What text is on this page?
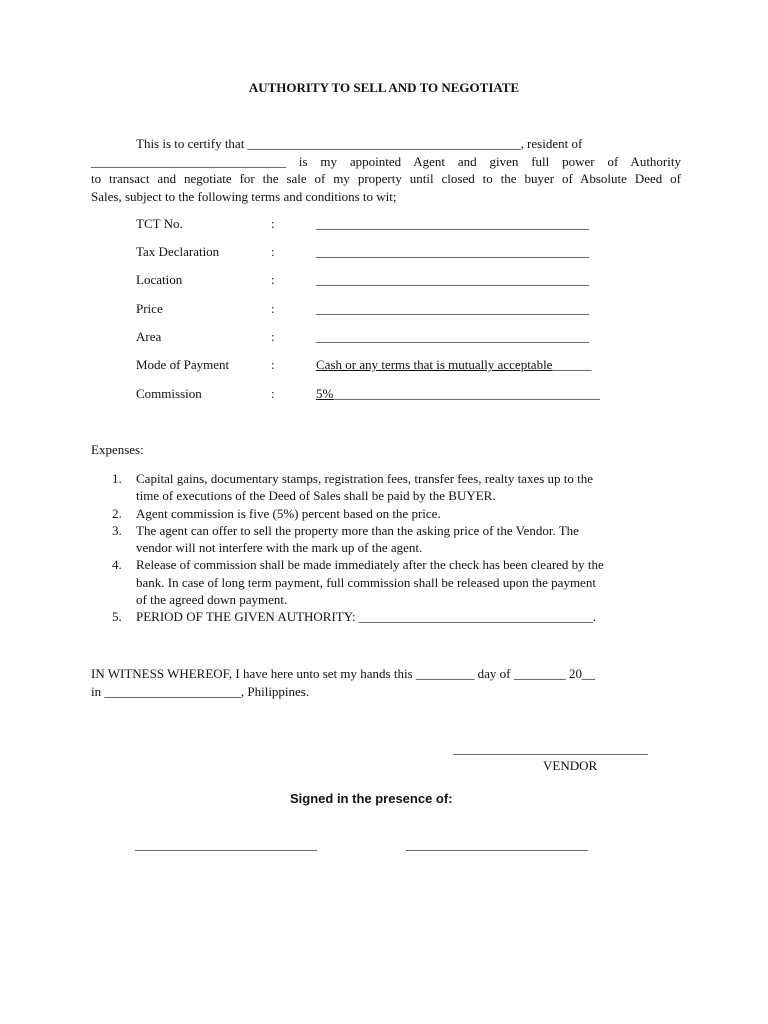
AUTHORITY TO SELL AND TO NEGOTIATE
This is to certify that __________________________________________, resident of
______________________________ is my appointed Agent and given full power of Authority
to transact and negotiate for the sale of my property until closed to the buyer of Absolute Deed of
Sales, subject to the following terms and conditions to wit;
TCT No.	:	__________________________________________
Tax Declaration	:	__________________________________________
Location	:	__________________________________________
Price	:	__________________________________________
Area	:	__________________________________________
Mode of Payment	:	Cash or any terms that is mutually acceptable______
Commission	:	5%_________________________________________
Expenses:
1. Capital gains, documentary stamps, registration fees, transfer fees, realty taxes up to the
time of executions of the Deed of Sales shall be paid by the BUYER.
2. Agent commission is five (5%) percent based on the price.
3. The agent can offer to sell the property more than the asking price of the Vendor. The
vendor will not interfere with the mark up of the agent.
4. Release of commission shall be made immediately after the check has been cleared by the
bank. In case of long term payment, full commission shall be released upon the payment
of the agreed down payment.
5. PERIOD OF THE GIVEN AUTHORITY: ____________________________________.
IN WITNESS WHEREOF, I have here unto set my hands this _________ day of ________ 20__
in _____________________, Philippines.
______________________________
VENDOR
Signed in the presence of:
____________________________	____________________________
